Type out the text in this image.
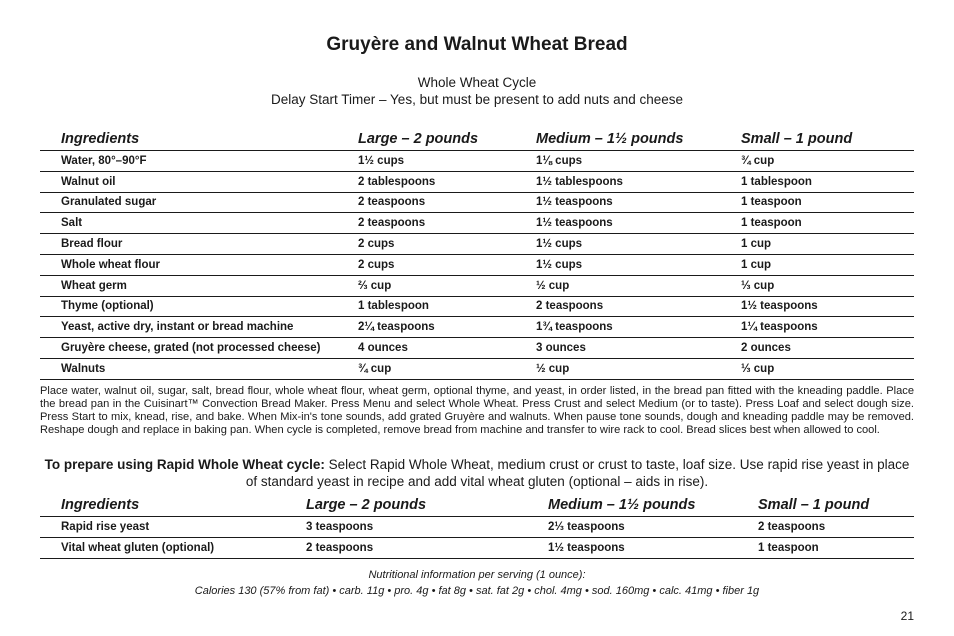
Gruyère and Walnut Wheat Bread
Whole Wheat Cycle
Delay Start Timer – Yes, but must be present to add nuts and cheese
Ingredients	Large – 2 pounds	Medium – 1½ pounds	Small – 1 pound
Water, 80°–90°F	1½ cups	1⅛ cups	¾ cup
Walnut oil	2 tablespoons	1½ tablespoons	1 tablespoon
Granulated sugar	2 teaspoons	1½ teaspoons	1 teaspoon
Salt	2 teaspoons	1½ teaspoons	1 teaspoon
Bread flour	2 cups	1½ cups	1 cup
Whole wheat flour	2 cups	1½ cups	1 cup
Wheat germ	⅔ cup	½ cup	⅓ cup
Thyme (optional)	1 tablespoon	2 teaspoons	1½ teaspoons
Yeast, active dry, instant or bread machine	2¼ teaspoons	1¾ teaspoons	1¼ teaspoons
Gruyère cheese, grated (not processed cheese)	4 ounces	3 ounces	2 ounces
Walnuts	¾ cup	½ cup	⅓ cup
Place water, walnut oil, sugar, salt, bread flour, whole wheat flour, wheat germ, optional thyme, and yeast, in order listed, in the bread pan fitted with the kneading paddle. Place the bread pan in the Cuisinart™ Convection Bread Maker. Press Menu and select Whole Wheat. Press Crust and select Medium (or to taste). Press Loaf and select dough size. Press Start to mix, knead, rise, and bake. When Mix-in's tone sounds, add grated Gruyère and walnuts. When pause tone sounds, dough and kneading paddle may be removed. Reshape dough and replace in baking pan. When cycle is completed, remove bread from machine and transfer to wire rack to cool. Bread slices best when allowed to cool.
To prepare using Rapid Whole Wheat cycle: Select Rapid Whole Wheat, medium crust or crust to taste, loaf size. Use rapid rise yeast in place of standard yeast in recipe and add vital wheat gluten (optional – aids in rise).
Ingredients	Large – 2 pounds	Medium – 1½ pounds	Small – 1 pound
Rapid rise yeast	3 teaspoons	2⅓ teaspoons	2 teaspoons
Vital wheat gluten (optional)	2 teaspoons	1½ teaspoons	1 teaspoon
Nutritional information per serving (1 ounce):
Calories 130 (57% from fat) • carb. 11g • pro. 4g • fat 8g • sat. fat 2g • chol. 4mg • sod. 160mg • calc. 41mg • fiber 1g
21
